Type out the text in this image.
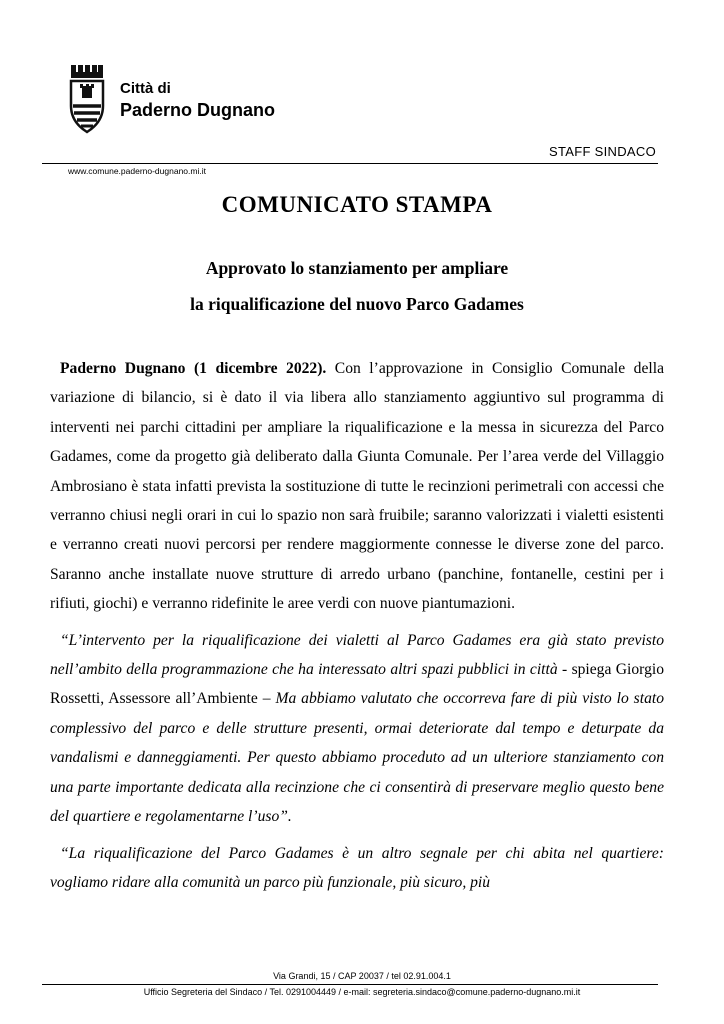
Città di
Paderno Dugnano
STAFF SINDACO
www.comune.paderno-dugnano.mi.it
COMUNICATO STAMPA
Approvato lo stanziamento per ampliare
la riqualificazione del nuovo Parco Gadames

Paderno Dugnano (1 dicembre 2022). Con l’approvazione in Consiglio Comunale della variazione di bilancio, si è dato il via libera allo stanziamento aggiuntivo sul programma di interventi nei parchi cittadini per ampliare la riqualificazione e la messa in sicurezza del Parco Gadames, come da progetto già deliberato dalla Giunta Comunale. Per l’area verde del Villaggio Ambrosiano è stata infatti prevista la sostituzione di tutte le recinzioni perimetrali con accessi che verranno chiusi negli orari in cui lo spazio non sarà fruibile; saranno valorizzati i vialetti esistenti e verranno creati nuovi percorsi per rendere maggiormente connesse le diverse zone del parco. Saranno anche installate nuove strutture di arredo urbano (panchine, fontanelle, cestini per i rifiuti, giochi) e verranno ridefinite le aree verdi con nuove piantumazioni.

“L’intervento per la riqualificazione dei vialetti al Parco Gadames era già stato previsto nell’ambito della programmazione che ha interessato altri spazi pubblici in città - spiega Giorgio Rossetti, Assessore all’Ambiente – Ma abbiamo valutato che occorreva fare di più visto lo stato complessivo del parco e delle strutture presenti, ormai deteriorate dal tempo e deturpate da vandalismi e danneggiamenti. Per questo abbiamo proceduto ad un ulteriore stanziamento con una parte importante dedicata alla recinzione che ci consentirà di preservare meglio questo bene del quartiere e regolamentarne l’uso”.

“La riqualificazione del Parco Gadames è un altro segnale per chi abita nel quartiere: vogliamo ridare alla comunità un parco più funzionale, più sicuro, più

Via Grandi, 15 / CAP 20037 / tel 02.91.004.1
Ufficio Segreteria del Sindaco / Tel. 0291004449 / e-mail: segreteria.sindaco@comune.paderno-dugnano.mi.it
